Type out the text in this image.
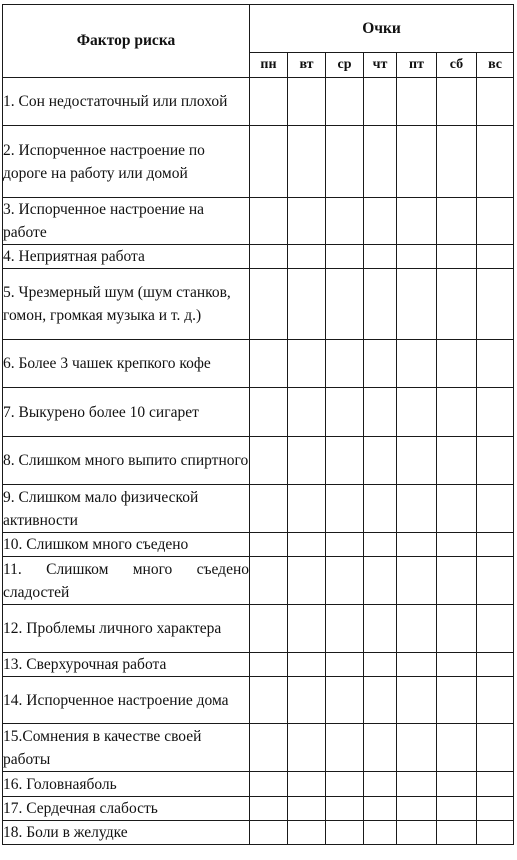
Фактор риска	Очки						
	пн	вт	ср	чт	пт	сб	вс
1. Сон недостаточный или плохой							
2. Испорченное настроение по дороге на работу или домой							
3. Испорченное настроение на работе							
4. Неприятная работа							
5. Чрезмерный шум (шум станков, гомон, громкая музыка и т. д.)							
6. Более 3 чашек крепкого кофе							
7. Выкурено более 10 сигарет							
8. Слишком много выпито спиртного							
9. Слишком мало физической активности							
10. Слишком много съедено							
11. Слишком много съедено сладостей							
12. Проблемы личного характера							
13. Сверхурочная работа							
14. Испорченное настроение дома							
15.Сомнения в качестве своей работы							
16. Головнаяболь							
17. Сердечная слабость							
18. Боли в желудке							
